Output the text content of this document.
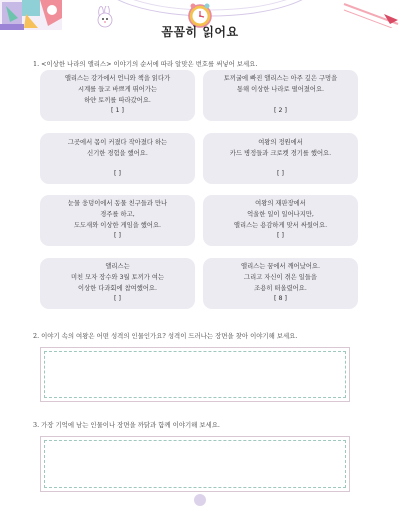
꼼꼼히 읽어요
1. <이상한 나라의 앨리스> 이야기의 순서에 따라 알맞은 번호를 써넣어 보세요.
앨리스는 강가에서 언니와 책을 읽다가
시계를 들고 바쁘게 뛰어가는
하얀 토끼를 따라갔어요.
[ 1 ]
토끼굴에 빠진 앨리스는 아주 깊은 구멍을
통해 이상한 나라로 떨어졌어요.
[ 2 ]
그곳에서 몸이 커졌다 작아졌다 하는
신기한 경험을 했어요.
[ ]
여왕의 정원에서
카드 병정들과 크로켓 경기를 했어요.
[ ]
눈물 웅덩이에서 동물 친구들과 만나
경주를 하고,
도도새와 이상한 게임을 했어요.
[ ]
여왕의 재판장에서
억울한 일이 일어나지만,
앨리스는 용감하게 맞서 싸웠어요.
[ ]
앨리스는
미친 모자 장수와 3월 토끼가 여는
이상한 다과회에 참여했어요.
[ ]
앨리스는 꿈에서 깨어났어요.
그리고 자신이 겪은 일들을
조용히 떠올렸어요.
[ 8 ]
2. 이야기 속의 여왕은 어떤 성격의 인물인가요? 성격이 드러나는 장면을 찾아 이야기해 보세요.
3. 가장 기억에 남는 인물이나 장면을 까닭과 함께 이야기해 보세요.
